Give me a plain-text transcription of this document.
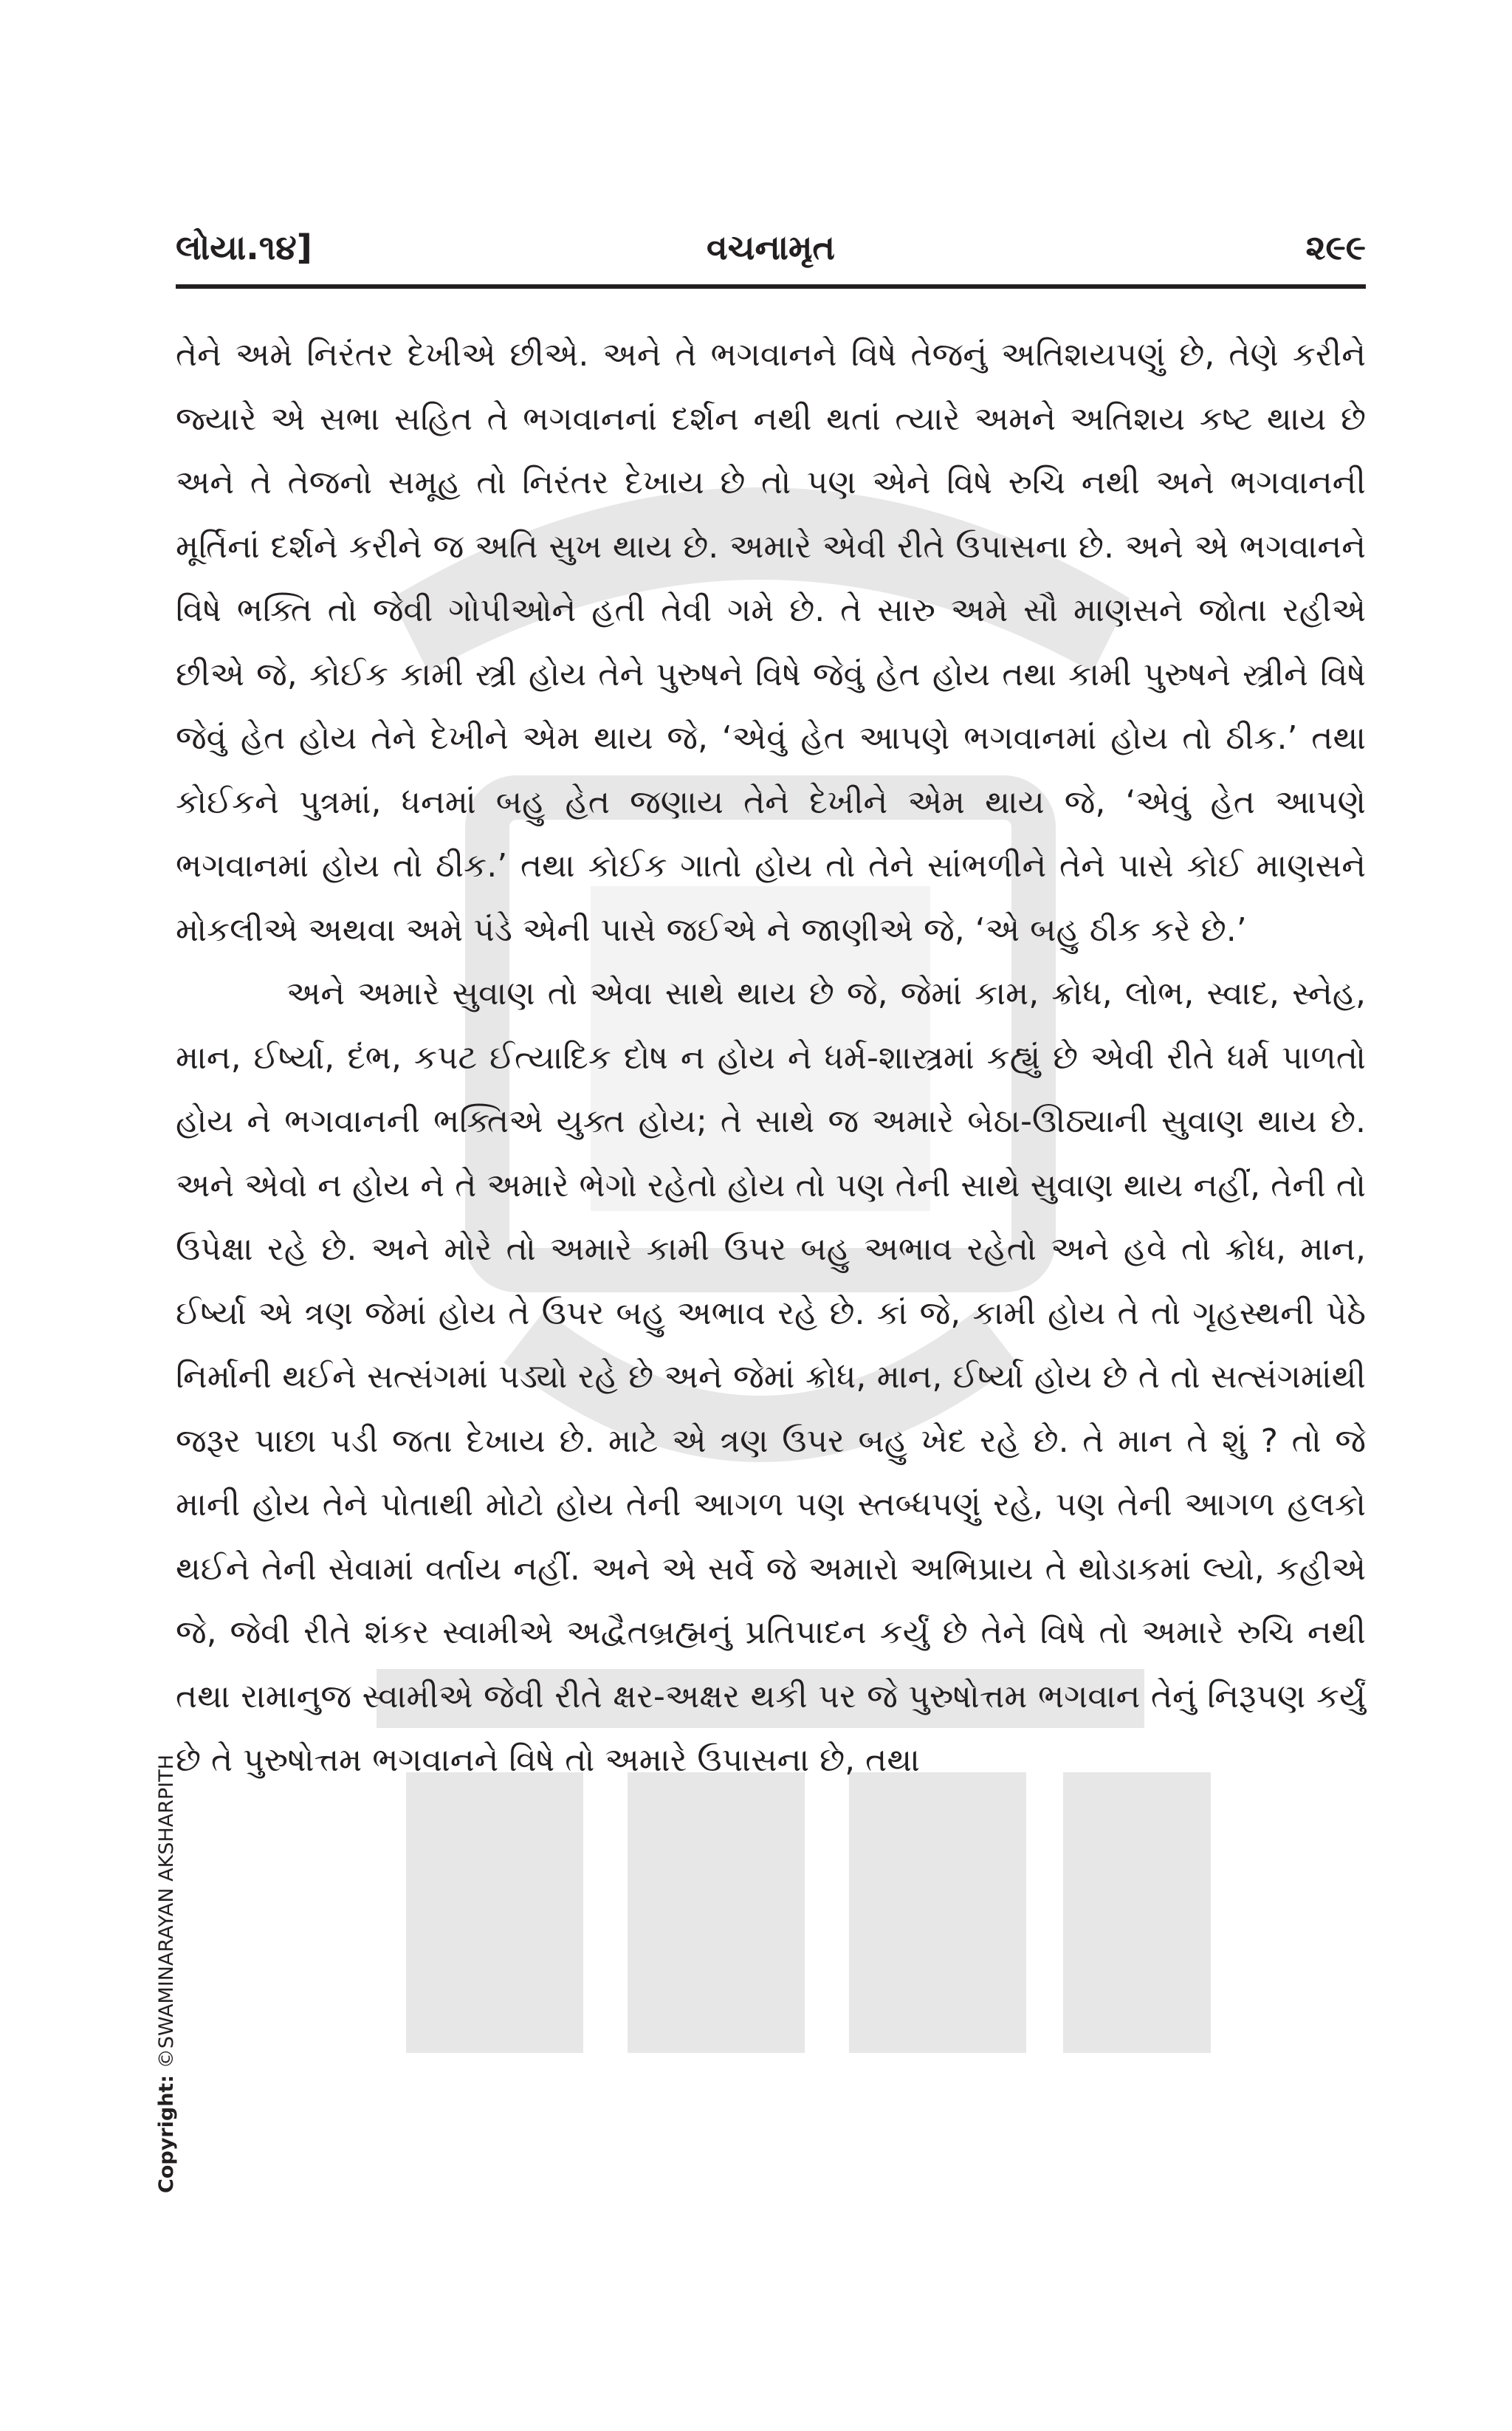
લોયા.૧૪]	વચનામૃત	૨૯૯

તેને અમે નિરંતર દેખીએ છીએ. અને તે ભગવાનને વિષે તેજનું અતિશયપણું છે, તેણે કરીને જ્યારે એ સભા સહિત તે ભગવાનનાં દર્શન નથી થતાં ત્યારે અમને અતિશય કષ્ટ થાય છે અને તે તેજનો સમૂહ તો નિરંતર દેખાય છે તો પણ એને વિષે રુચિ નથી અને ભગવાનની મૂર્તિનાં દર્શને કરીને જ અતિ સુખ થાય છે. અમારે એવી રીતે ઉપાસના છે. અને એ ભગવાનને વિષે ભક્તિ તો જેવી ગોપીઓને હતી તેવી ગમે છે. તે સારુ અમે સૌ માણસને જોતા રહીએ છીએ જે, કોઈક કામી સ્ત્રી હોય તેને પુરુષને વિષે જેવું હેત હોય તથા કામી પુરુષને સ્ત્રીને વિષે જેવું હેત હોય તેને દેખીને એમ થાય જે, ‘એવું હેત આપણે ભગવાનમાં હોય તો ઠીક.’ તથા કોઈકને પુત્રમાં, ધનમાં બહુ હેત જણાય તેને દેખીને એમ થાય જે, ‘એવું હેત આપણે ભગવાનમાં હોય તો ઠીક.’ તથા કોઈક ગાતો હોય તો તેને સાંભળીને તેને પાસે કોઈ માણસને મોકલીએ અથવા અમે પંડે એની પાસે જઈએ ને જાણીએ જે, ‘એ બહુ ઠીક કરે છે.’

અને અમારે સુવાણ તો એવા સાથે થાય છે જે, જેમાં કામ, ક્રોધ, લોભ, સ્વાદ, સ્નેહ, માન, ઈર્ષ્યા, દંભ, કપટ ઈત્યાદિક દોષ ન હોય ને ધર્મ-શાસ્ત્રમાં કહ્યું છે એવી રીતે ધર્મ પાળતો હોય ને ભગવાનની ભક્તિએ યુક્ત હોય; તે સાથે જ અમારે બેઠા-ઊઠ્યાની સુવાણ થાય છે. અને એવો ન હોય ને તે અમારે ભેગો રહેતો હોય તો પણ તેની સાથે સુવાણ થાય નહીં, તેની તો ઉપેક્ષા રહે છે. અને મોરે તો અમારે કામી ઉપર બહુ અભાવ રહેતો અને હવે તો ક્રોધ, માન, ઈર્ષ્યા એ ત્રણ જેમાં હોય તે ઉપર બહુ અભાવ રહે છે. કાં જે, કામી હોય તે તો ગૃહસ્થની પેઠે નિર્માની થઈને સત્સંગમાં પડ્યો રહે છે અને જેમાં ક્રોધ, માન, ઈર્ષ્યા હોય છે તે તો સત્સંગમાંથી જરૂર પાછા પડી જતા દેખાય છે. માટે એ ત્રણ ઉપર બહુ ખેદ રહે છે. તે માન તે શું ? તો જે માની હોય તેને પોતાથી મોટો હોય તેની આગળ પણ સ્તબ્ધપણું રહે, પણ તેની આગળ હલકો થઈને તેની સેવામાં વર્તાય નહીં. અને એ સર્વે જે અમારો અભિપ્રાય તે થોડાકમાં લ્યો, કહીએ જે, જેવી રીતે શંકર સ્વામીએ અદ્વૈતબ્રહ્મનું પ્રતિપાદન કર્યું છે તેને વિષે તો અમારે રુચિ નથી તથા રામાનુજ સ્વામીએ જેવી રીતે ક્ષર-અક્ષર થકી પર જે પુરુષોત્તમ ભગવાન તેનું નિરૂપણ કર્યું છે તે પુરુષોત્તમ ભગવાનને વિષે તો અમારે ઉપાસના છે, તથા

Copyright: ©SWAMINARAYAN AKSHARPITH
